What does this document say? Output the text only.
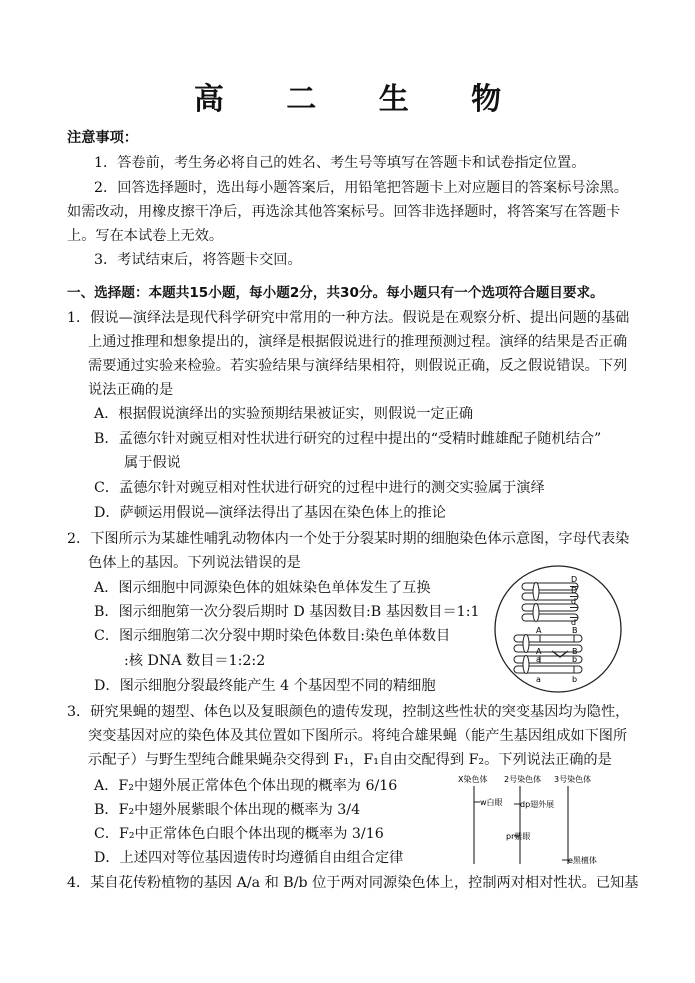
高 二 生 物
注意事项：
1．答卷前，考生务必将自己的姓名、考生号等填写在答题卡和试卷指定位置。
2．回答选择题时，选出每小题答案后，用铅笔把答题卡上对应题目的答案标号涂黑。
如需改动，用橡皮擦干净后，再选涂其他答案标号。回答非选择题时，将答案写在答题卡
上。写在本试卷上无效。
3．考试结束后，将答题卡交回。
一、选择题：本题共15小题，每小题2分，共30分。每小题只有一个选项符合题目要求。
1．假说—演绎法是现代科学研究中常用的一种方法。假说是在观察分析、提出问题的基础
上通过推理和想象提出的，演绎是根据假说进行的推理预测过程。演绎的结果是否正确
需要通过实验来检验。若实验结果与演绎结果相符，则假说正确，反之假说错误。下列
说法正确的是
A．根据假说演绎出的实验预期结果被证实，则假说一定正确
B．孟德尔针对豌豆相对性状进行研究的过程中提出的“受精时雌雄配子随机结合”
属于假说
C．孟德尔针对豌豆相对性状进行研究的过程中进行的测交实验属于演绎
D．萨顿运用假说—演绎法得出了基因在染色体上的推论
2．下图所示为某雄性哺乳动物体内一个处于分裂某时期的细胞染色体示意图，字母代表染
色体上的基因。下列说法错误的是
A．图示细胞中同源染色体的姐妹染色单体发生了互换
B．图示细胞第一次分裂后期时 D 基因数目:B 基因数目＝1:1
C．图示细胞第二次分裂中期时染色体数目:染色单体数目
:核 DNA 数目＝1:2:2
D．图示细胞分裂最终能产生 4 个基因型不同的精细胞
D
D
d
d
A	B
A	B
a	b
a	b
3．研究果蝇的翅型、体色以及复眼颜色的遗传发现，控制这些性状的突变基因均为隐性，
突变基因对应的染色体及其位置如下图所示。将纯合雄果蝇（能产生基因组成如下图所
示配子）与野生型纯合雌果蝇杂交得到 F₁，F₁自由交配得到 F₂。下列说法正确的是
A．F₂中翅外展正常体色个体出现的概率为 6/16
B．F₂中翅外展紫眼个体出现的概率为 3/4
C．F₂中正常体色白眼个体出现的概率为 3/16
D．上述四对等位基因遗传时均遵循自由组合定律
X染色体 2号染色体 3号染色体
w白眼 dp翅外展
pr紫眼
e黑檀体
4．某自花传粉植物的基因 A/a 和 B/b 位于两对同源染色体上，控制两对相对性状。已知基
